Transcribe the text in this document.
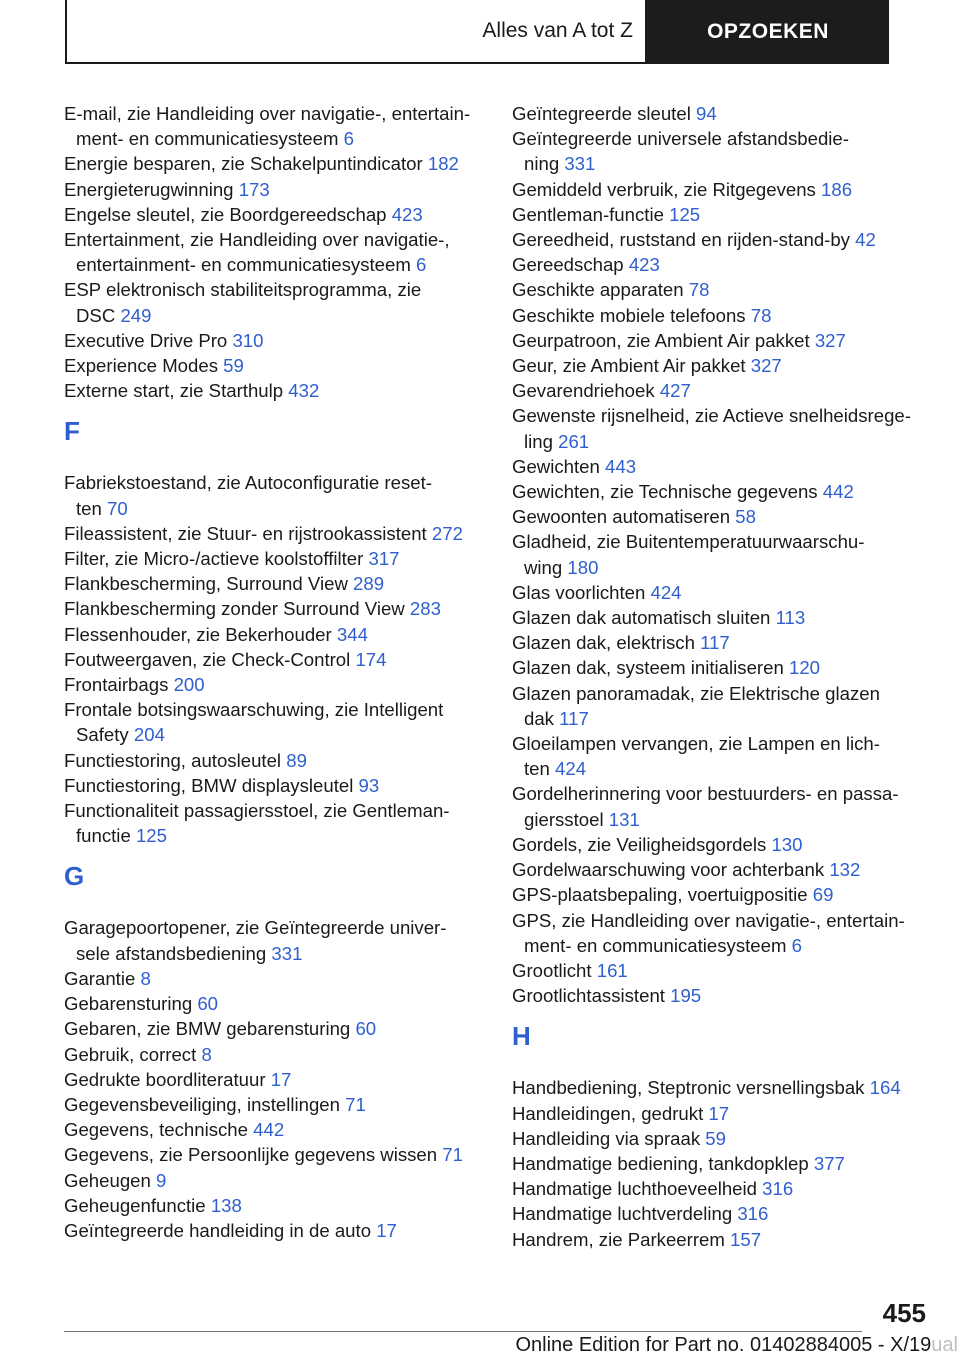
Alles van A tot Z	OPZOEKEN
E-mail, zie Handleiding over navigatie-, entertain‐
ment- en communicatiesysteem 6
Energie besparen, zie Schakelpuntindicator 182
Energieterugwinning 173
Engelse sleutel, zie Boordgereedschap 423
Entertainment, zie Handleiding over navigatie-,
entertainment- en communicatiesysteem 6
ESP elektronisch stabiliteitsprogramma, zie
DSC 249
Executive Drive Pro 310
Experience Modes 59
Externe start, zie Starthulp 432
F
Fabriekstoestand, zie Autoconfiguratie reset‐
ten 70
Fileassistent, zie Stuur- en rijstrookassistent 272
Filter, zie Micro-/actieve koolstoffilter 317
Flankbescherming, Surround View 289
Flankbescherming zonder Surround View 283
Flessenhouder, zie Bekerhouder 344
Foutweergaven, zie Check-Control 174
Frontairbags 200
Frontale botsingswaarschuwing, zie Intelligent
Safety 204
Functiestoring, autosleutel 89
Functiestoring, BMW displaysleutel 93
Functionaliteit passagiersstoel, zie Gentleman-
functie 125
G
Garagepoortopener, zie Geïntegreerde univer‐
sele afstandsbediening 331
Garantie 8
Gebarensturing 60
Gebaren, zie BMW gebarensturing 60
Gebruik, correct 8
Gedrukte boordliteratuur 17
Gegevensbeveiliging, instellingen 71
Gegevens, technische 442
Gegevens, zie Persoonlijke gegevens wissen 71
Geheugen 9
Geheugenfunctie 138
Geïntegreerde handleiding in de auto 17
Geïntegreerde sleutel 94
Geïntegreerde universele afstandsbedie‐
ning 331
Gemiddeld verbruik, zie Ritgegevens 186
Gentleman-functie 125
Gereedheid, ruststand en rijden-stand-by 42
Gereedschap 423
Geschikte apparaten 78
Geschikte mobiele telefoons 78
Geurpatroon, zie Ambient Air pakket 327
Geur, zie Ambient Air pakket 327
Gevarendriehoek 427
Gewenste rijsnelheid, zie Actieve snelheidsrege‐
ling 261
Gewichten 443
Gewichten, zie Technische gegevens 442
Gewoonten automatiseren 58
Gladheid, zie Buitentemperatuurwaarschu‐
wing 180
Glas voorlichten 424
Glazen dak automatisch sluiten 113
Glazen dak, elektrisch 117
Glazen dak, systeem initialiseren 120
Glazen panoramadak, zie Elektrische glazen
dak 117
Gloeilampen vervangen, zie Lampen en lich‐
ten 424
Gordelherinnering voor bestuurders- en passa‐
giersstoel 131
Gordels, zie Veiligheidsgordels 130
Gordelwaarschuwing voor achterbank 132
GPS-plaatsbepaling, voertuigpositie 69
GPS, zie Handleiding over navigatie-, entertain‐
ment- en communicatiesysteem 6
Grootlicht 161
Grootlichtassistent 195
H
Handbediening, Steptronic versnellingsbak 164
Handleidingen, gedrukt 17
Handleiding via spraak 59
Handmatige bediening, tankdopklep 377
Handmatige luchthoeveelheid 316
Handmatige luchtverdeling 316
Handrem, zie Parkeerrem 157
455
Online Edition for Part no. 01402884005 - X/19ual
